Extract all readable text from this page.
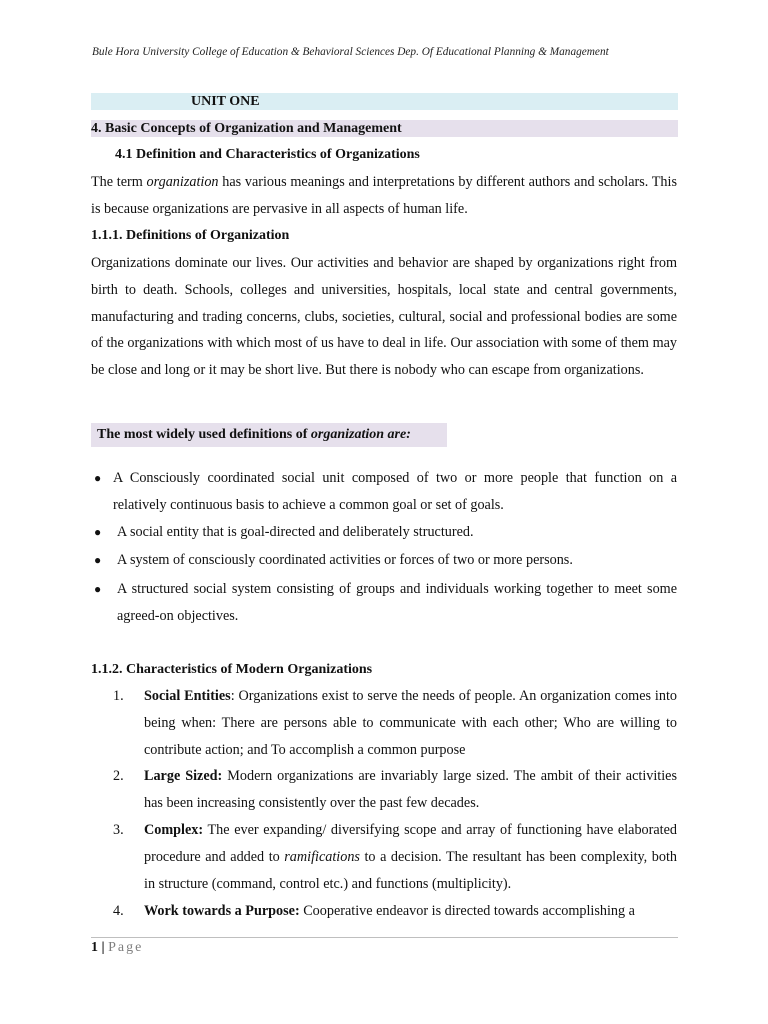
Bule Hora University College of Education & Behavioral Sciences Dep. Of Educational Planning & Management
UNIT ONE
4. Basic Concepts of Organization and Management
4.1 Definition and Characteristics of Organizations
The term organization has various meanings and interpretations by different authors and scholars. This is because organizations are pervasive in all aspects of human life.
1.1.1. Definitions of Organization
Organizations dominate our lives. Our activities and behavior are shaped by organizations right from birth to death. Schools, colleges and universities, hospitals, local state and central governments, manufacturing and trading concerns, clubs, societies, cultural, social and professional bodies are some of the organizations with which most of us have to deal in life. Our association with some of them may be close and long or it may be short live. But there is nobody who can escape from organizations.
The most widely used definitions of organization are:
● A Consciously coordinated social unit composed of two or more people that function on a relatively continuous basis to achieve a common goal or set of goals.
● A social entity that is goal-directed and deliberately structured.
● A system of consciously coordinated activities or forces of two or more persons.
● A structured social system consisting of groups and individuals working together to meet some agreed-on objectives.
1.1.2. Characteristics of Modern Organizations
1. Social Entities: Organizations exist to serve the needs of people. An organization comes into being when: There are persons able to communicate with each other; Who are willing to contribute action; and To accomplish a common purpose
2. Large Sized: Modern organizations are invariably large sized. The ambit of their activities has been increasing consistently over the past few decades.
3. Complex: The ever expanding/ diversifying scope and array of functioning have elaborated procedure and added to ramifications to a decision. The resultant has been complexity, both in structure (command, control etc.) and functions (multiplicity).
4. Work towards a Purpose: Cooperative endeavor is directed towards accomplishing a
1 | Page
